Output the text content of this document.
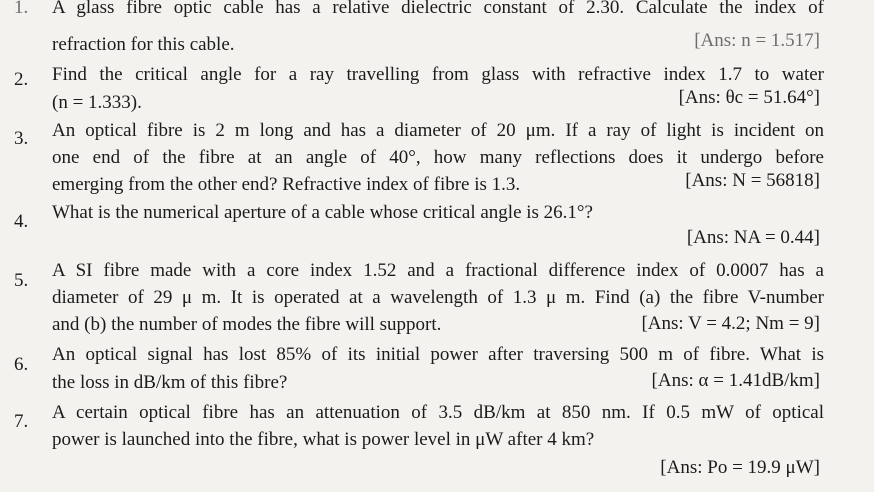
1.	A glass fibre optic cable has a relative dielectric constant of 2.30. Calculate the index of
refraction for this cable.	[Ans: n = 1.517]
2.	Find the critical angle for a ray travelling from glass with refractive index 1.7 to water
(n = 1.333).	[Ans: θc = 51.64°]
3.	An optical fibre is 2 m long and has a diameter of 20 μm. If a ray of light is incident on
one end of the fibre at an angle of 40°, how many reflections does it undergo before
emerging from the other end? Refractive index of fibre is 1.3.	[Ans: N = 56818]
4.	What is the numerical aperture of a cable whose critical angle is 26.1°?
[Ans: NA = 0.44]
5.	A SI fibre made with a core index 1.52 and a fractional difference index of 0.0007 has a
diameter of 29 μ m. It is operated at a wavelength of 1.3 μ m. Find (a) the fibre V-number
and (b) the number of modes the fibre will support.	[Ans: V = 4.2; Nm = 9]
6.	An optical signal has lost 85% of its initial power after traversing 500 m of fibre. What is
the loss in dB/km of this fibre?	[Ans: α = 1.41dB/km]
7.	A certain optical fibre has an attenuation of 3.5 dB/km at 850 nm. If 0.5 mW of optical
power is launched into the fibre, what is power level in μW after 4 km?
[Ans: Po = 19.9 μW]
